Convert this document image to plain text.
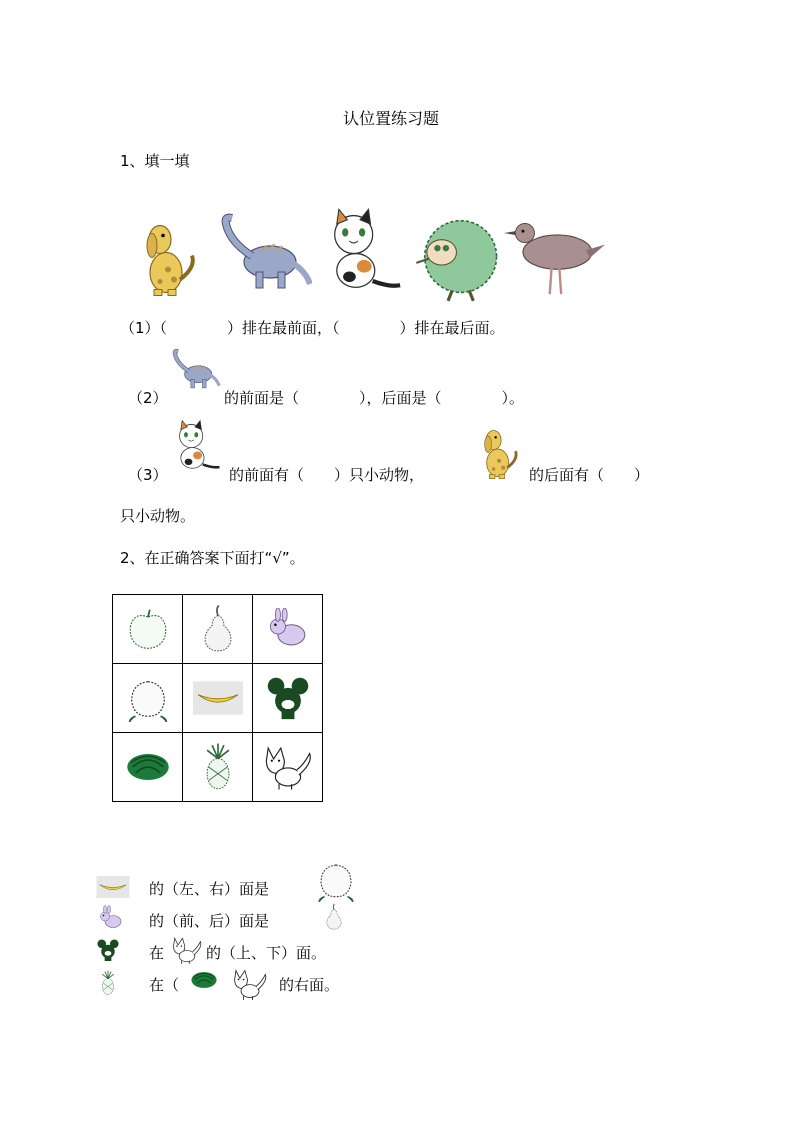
认位置练习题
1、填一填
（1）（　　　　）排在最前面，（　　　　）排在最后面。
（2）	的前面是（　　　　），后面是（　　　　）。
（3）	的前面有（　　）只小动物，	的后面有（　　）
只小动物。
2、在正确答案下面打“√”。

的（左、右）面是
的（前、后）面是
在	的（上、下）面。
在（	的右面。
